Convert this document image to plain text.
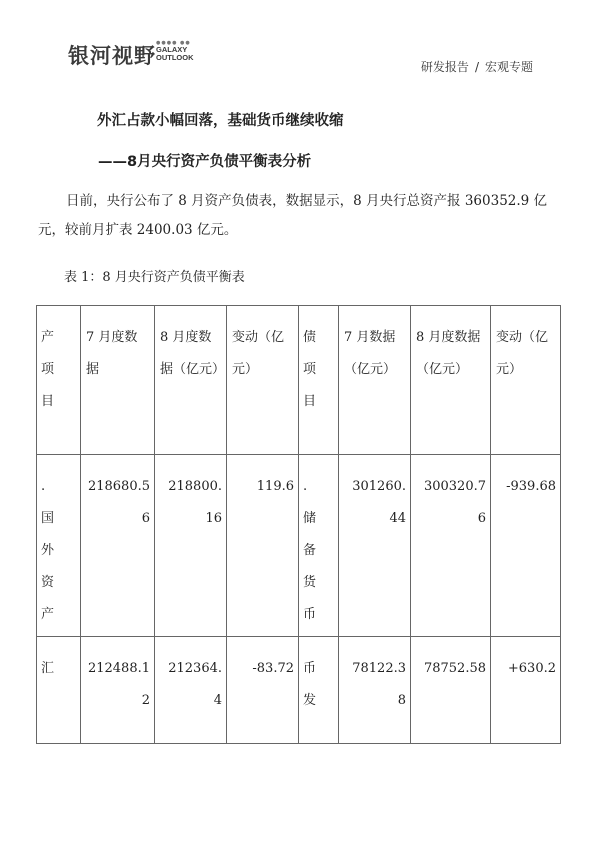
银河视野
●●●● ●●
GALAXY
OUTLOOK
研发报告 / 宏观专题
外汇占款小幅回落，基础货币继续收缩
——8月央行资产负债平衡表分析
日前，央行公布了 8 月资产负债表，数据显示，8 月央行总资产报 360352.9 亿元，较前月扩表 2400.03 亿元。
表 1：8 月央行资产负债平衡表
产项目	7 月度数据	8 月度数据（亿元）	变动（亿元）	债项目	7 月数据（亿元）	8 月度数据（亿元）	变动（亿元）

.国外资产	218680.56	218800.16	119.6	.储备货币	301260.44	300320.76	-939.68

汇	212488.12	212364.4	-83.72	币发	78122.38	78752.58	+630.2
